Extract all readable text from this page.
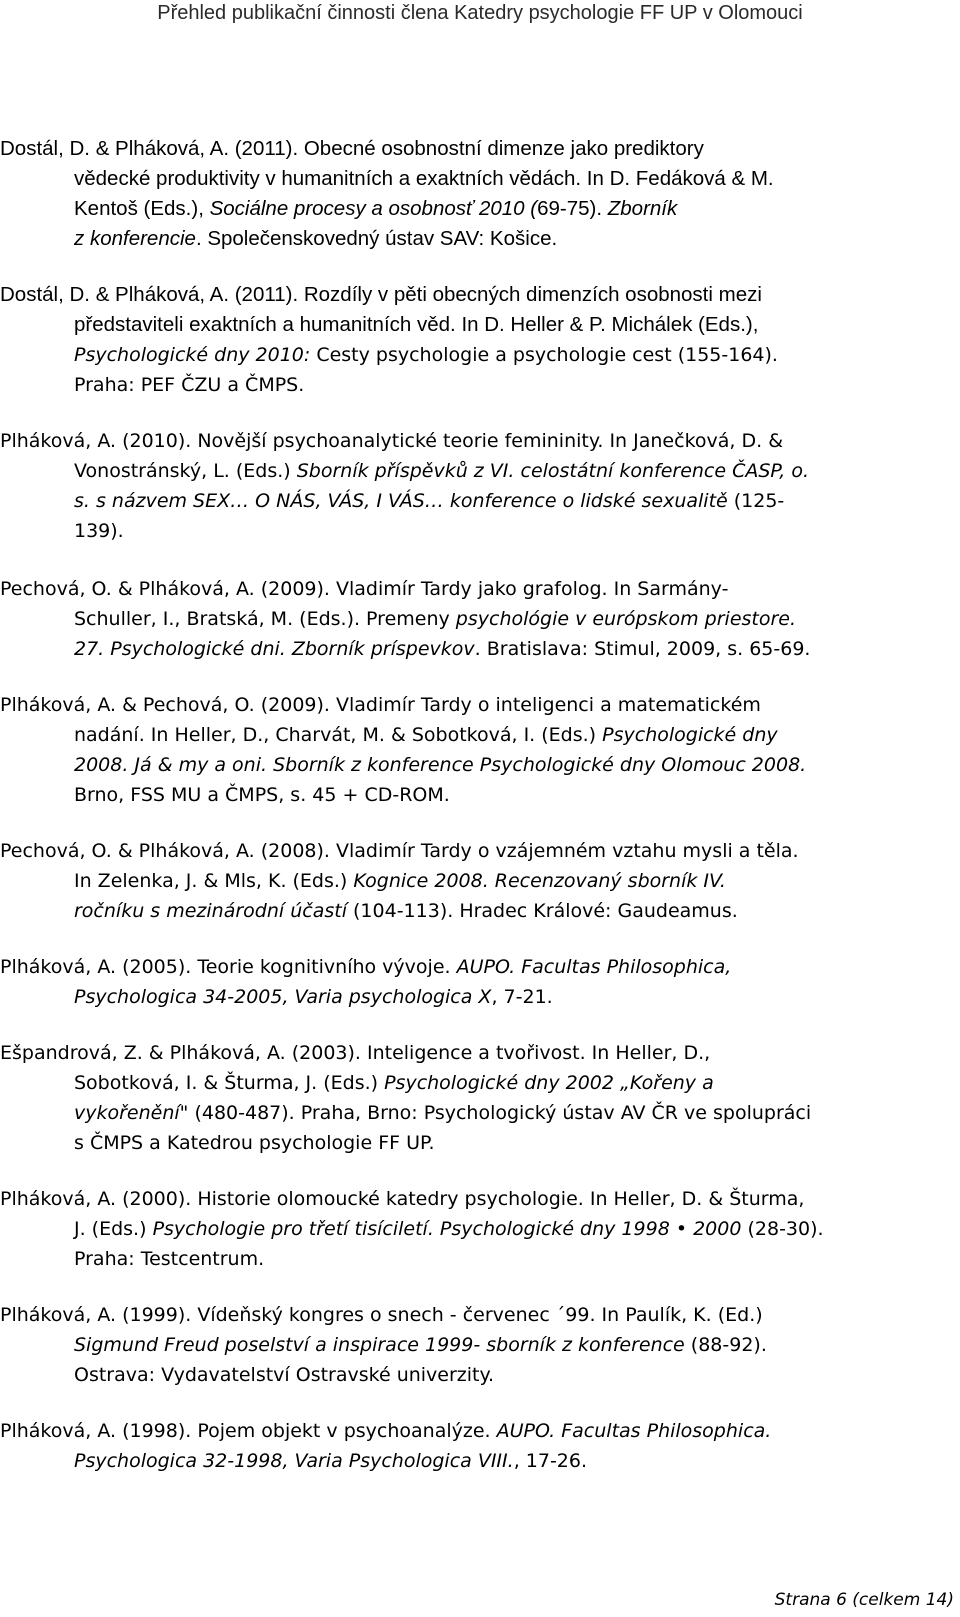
Přehled publikační činnosti člena Katedry psychologie FF UP v Olomouci
Dostál, D. & Plháková, A. (2011). Obecné osobnostní dimenze jako prediktory
vědecké produktivity v humanitních a exaktních vědách. In D. Fedáková & M.
Kentoš (Eds.), Sociálne procesy a osobnosť 2010 (69-75). Zborník
z konferencie. Společenskovedný ústav SAV: Košice.
Dostál, D. & Plháková, A. (2011). Rozdíly v pěti obecných dimenzích osobnosti mezi
představiteli exaktních a humanitních věd. In D. Heller & P. Michálek (Eds.),
Psychologické dny 2010: Cesty psychologie a psychologie cest (155-164).
Praha: PEF ČZU a ČMPS.
Plháková, A. (2010). Novější psychoanalytické teorie femininity. In Janečková, D. &
Vonostránský, L. (Eds.) Sborník příspěvků z VI. celostátní konference ČASP, o.
s. s názvem SEX… O NÁS, VÁS, I VÁS… konference o lidské sexualitě (125-
139).
Pechová, O. & Plháková, A. (2009). Vladimír Tardy jako grafolog. In Sarmány-
Schuller, I., Bratská, M. (Eds.). Premeny psychológie v európskom priestore.
27. Psychologické dni. Zborník príspevkov. Bratislava: Stimul, 2009, s. 65-69.
Plháková, A. & Pechová, O. (2009). Vladimír Tardy o inteligenci a matematickém
nadání. In Heller, D., Charvát, M. & Sobotková, I. (Eds.) Psychologické dny
2008. Já & my a oni. Sborník z konference Psychologické dny Olomouc 2008.
Brno, FSS MU a ČMPS, s. 45 + CD-ROM.
Pechová, O. & Plháková, A. (2008). Vladimír Tardy o vzájemném vztahu mysli a těla.
In Zelenka, J. & Mls, K. (Eds.) Kognice 2008. Recenzovaný sborník IV.
ročníku s mezinárodní účastí (104-113). Hradec Králové: Gaudeamus.
Plháková, A. (2005). Teorie kognitivního vývoje. AUPO. Facultas Philosophica,
Psychologica 34-2005, Varia psychologica X, 7-21.
Ešpandrová, Z. & Plháková, A. (2003). Inteligence a tvořivost. In Heller, D.,
Sobotková, I. & Šturma, J. (Eds.) Psychologické dny 2002 „Kořeny a
vykořenění" (480-487). Praha, Brno: Psychologický ústav AV ČR ve spolupráci
s ČMPS a Katedrou psychologie FF UP.
Plháková, A. (2000). Historie olomoucké katedry psychologie. In Heller, D. & Šturma,
J. (Eds.) Psychologie pro třetí tisíciletí. Psychologické dny 1998 • 2000 (28-30).
Praha: Testcentrum.
Plháková, A. (1999). Vídeňský kongres o snech - červenec ´99. In Paulík, K. (Ed.)
Sigmund Freud poselství a inspirace 1999- sborník z konference (88-92).
Ostrava: Vydavatelství Ostravské univerzity.
Plháková, A. (1998). Pojem objekt v psychoanalýze. AUPO. Facultas Philosophica.
Psychologica 32-1998, Varia Psychologica VIII., 17-26.
Strana 6 (celkem 14)
